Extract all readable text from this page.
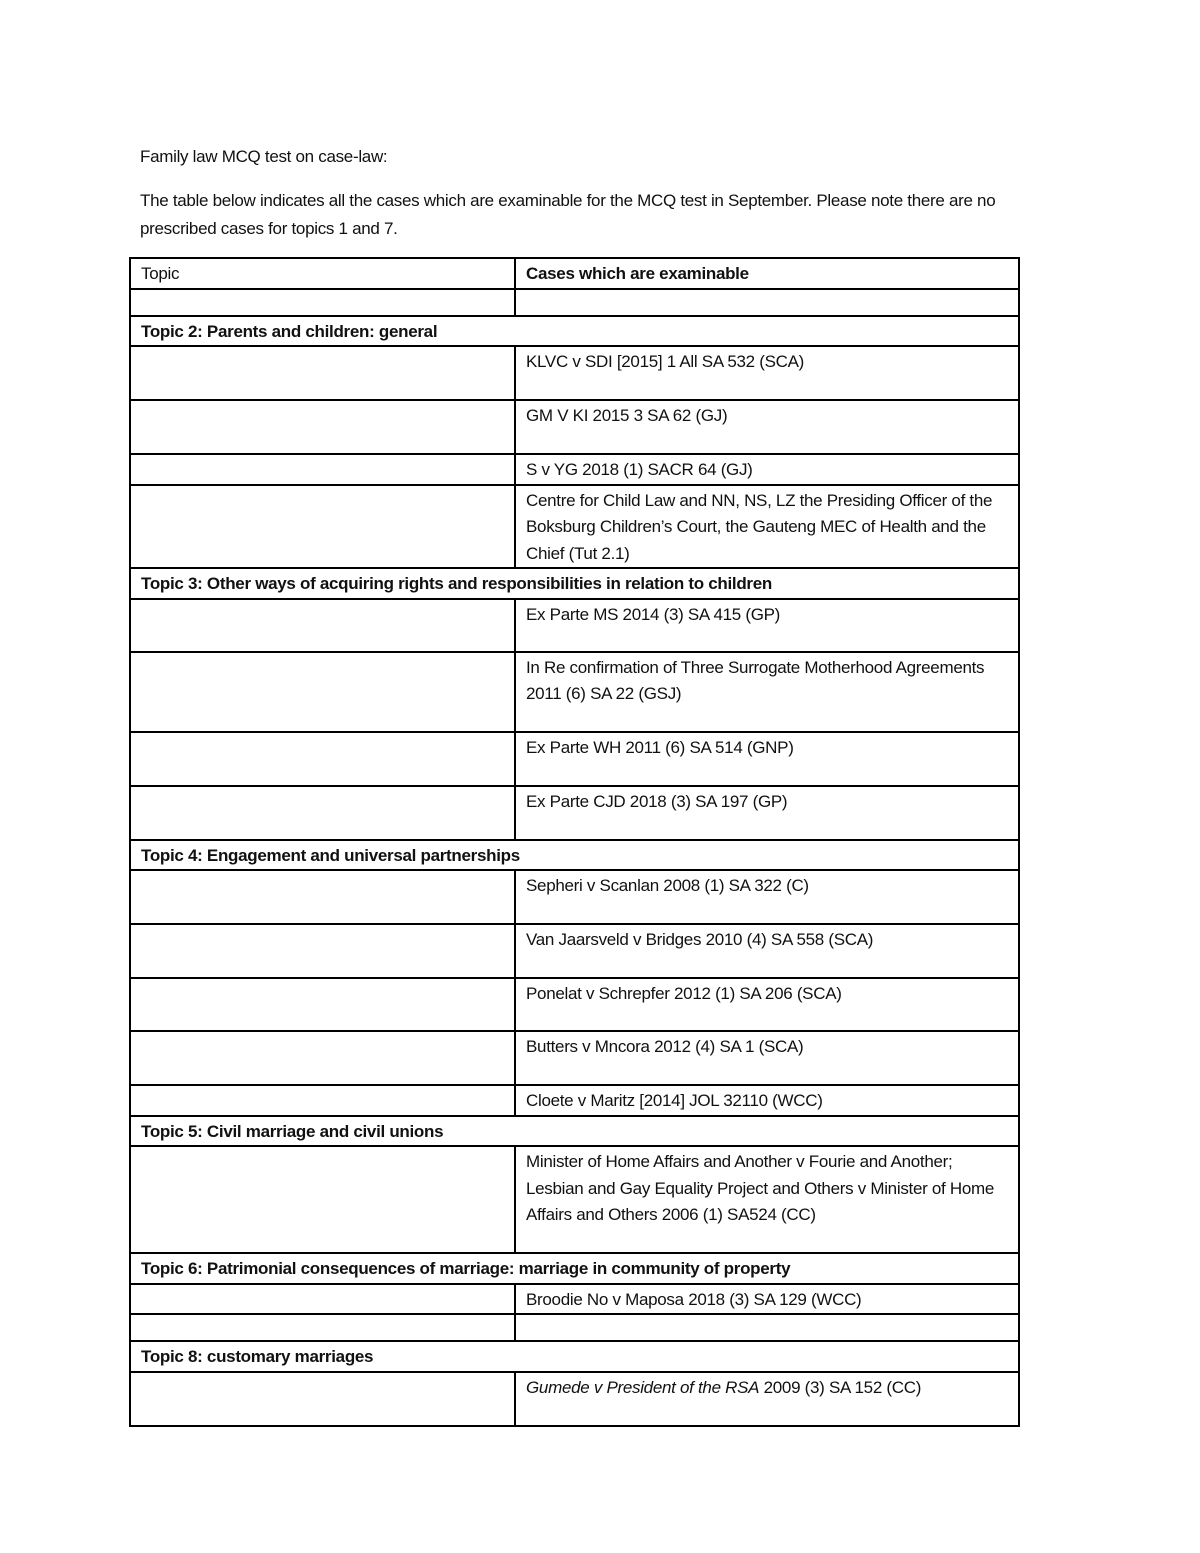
Family law MCQ test on case-law:

The table below indicates all the cases which are examinable for the MCQ test in September. Please note there are no prescribed cases for topics 1 and 7.

Topic	Cases which are examinable

Topic 2: Parents and children: general	
	KLVC v SDI [2015] 1 All SA 532 (SCA)
	GM V KI 2015 3 SA 62 (GJ)
	S v YG 2018 (1) SACR 64 (GJ)
	Centre for Child Law and NN, NS, LZ the Presiding Officer of the Boksburg Children’s Court, the Gauteng MEC of Health and the Chief (Tut 2.1)
Topic 3: Other ways of acquiring rights and responsibilities in relation to children	
	Ex Parte MS 2014 (3) SA 415 (GP)
	In Re confirmation of Three Surrogate Motherhood Agreements 2011 (6) SA 22 (GSJ)
	Ex Parte WH 2011 (6) SA 514 (GNP)
	Ex Parte CJD 2018 (3) SA 197 (GP)
Topic 4: Engagement and universal partnerships	
	Sepheri v Scanlan 2008 (1) SA 322 (C)
	Van Jaarsveld v Bridges 2010 (4) SA 558 (SCA)
	Ponelat v Schrepfer 2012 (1) SA 206 (SCA)
	Butters v Mncora 2012 (4) SA 1 (SCA)
	Cloete v Maritz [2014] JOL 32110 (WCC)
Topic 5: Civil marriage and civil unions	
	Minister of Home Affairs and Another v Fourie and Another; Lesbian and Gay Equality Project and Others v Minister of Home Affairs and Others 2006 (1) SA524 (CC)
Topic 6: Patrimonial consequences of marriage: marriage in community of property	
	Broodie No v Maposa 2018 (3) SA 129 (WCC)

Topic 8: customary marriages	
	Gumede v President of the RSA 2009 (3) SA 152 (CC)
